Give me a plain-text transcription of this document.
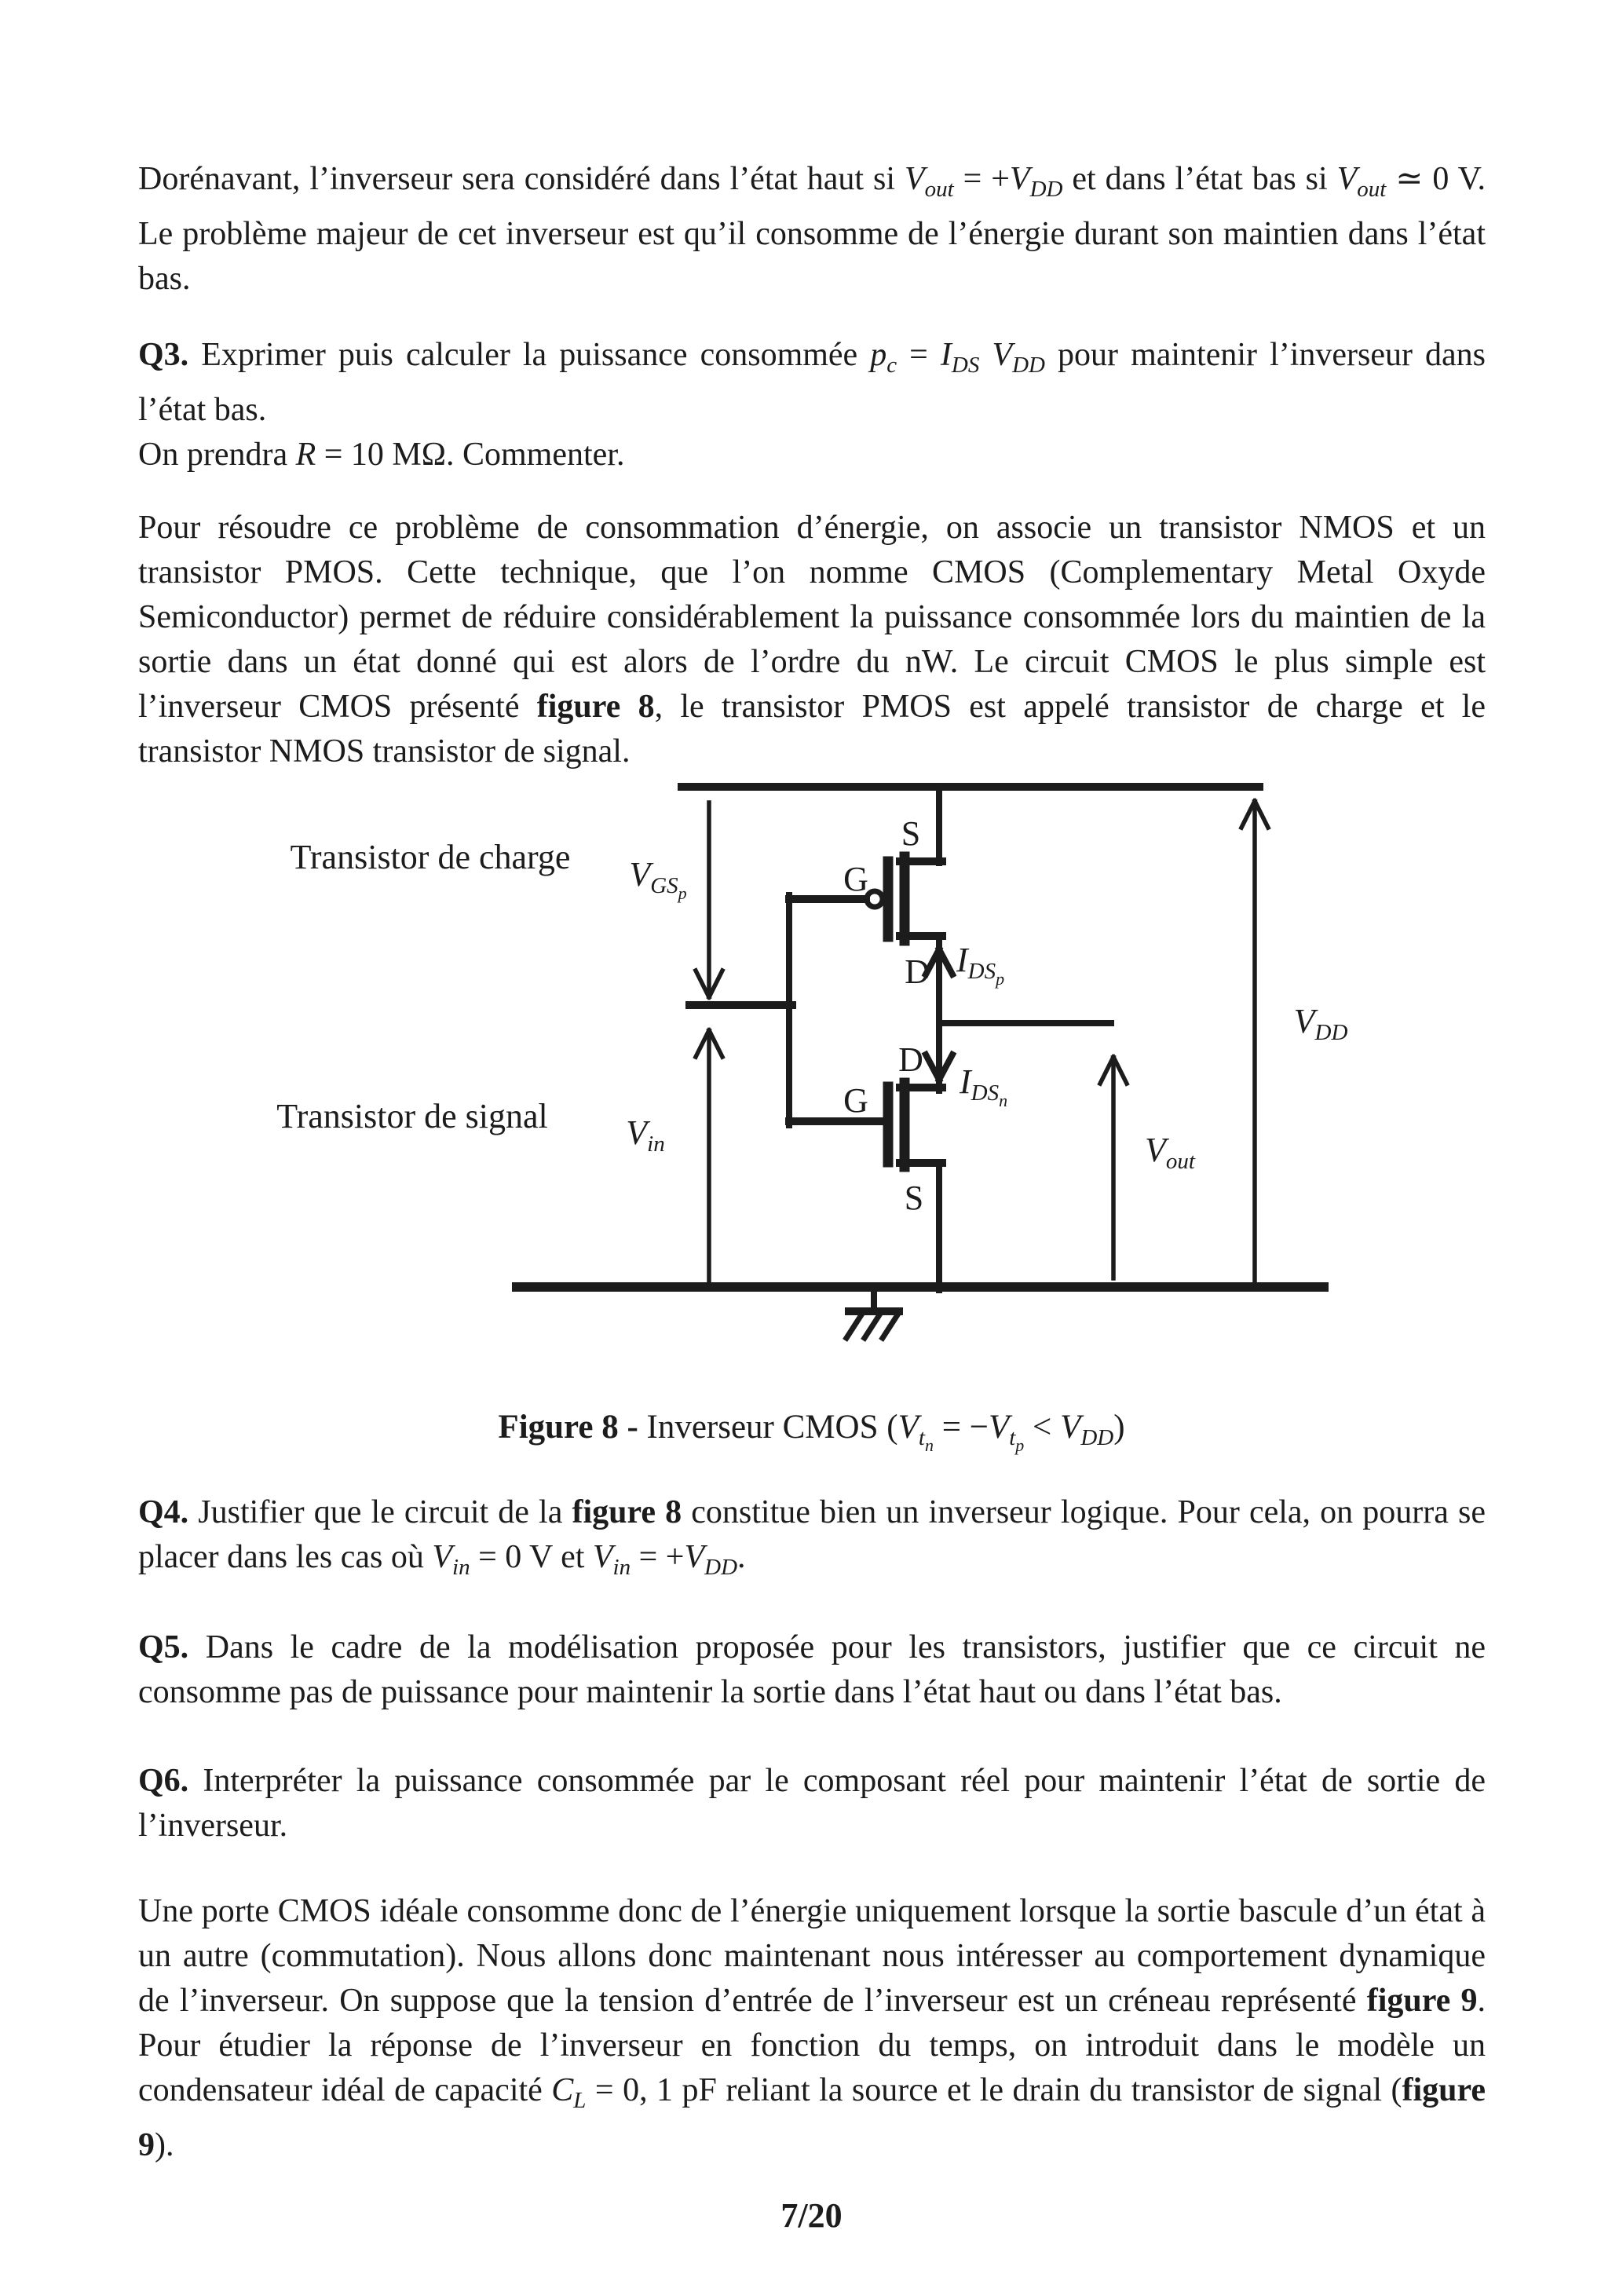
Dorénavant, l’inverseur sera considéré dans l’état haut si $V_{out} = +V_{DD}$ et dans l’état bas si $V_{out}$ ≃ 0 V. Le problème majeur de cet inverseur est qu’il consomme de l’énergie durant son maintien dans l’état bas.

Q3. Exprimer puis calculer la puissance consommée $p_c = I_{DS}$ $V_{DD}$ pour maintenir l’inverseur dans l’état bas.

On prendra R = 10 MΩ. Commenter.

Pour résoudre ce problème de consommation d’énergie, on associe un transistor NMOS et un transistor PMOS. Cette technique, que l’on nomme CMOS (Complementary Metal Oxyde Semiconductor) permet de réduire considérablement la puissance consommée lors du maintien de la sortie dans un état donné qui est alors de l’ordre du nW. Le circuit CMOS le plus simple est l’inverseur CMOS présenté figure 8, le transistor PMOS est appelé transistor de charge et le transistor NMOS transistor de signal.
Transistor de charge
Transistor de signal
S
G
D $I_{DSp}$
D
$I_{DSn}$
G
S
$V_{GSp}$
$V_{in}$	$V_{out}$
$V_{DD}$
Figure 8 - Inverseur CMOS $(V_{tn} = -V_{tp} < V_{DD})$
Q4. Justifier que le circuit de la figure 8 constitue bien un inverseur logique. Pour cela, on pourra se placer dans les cas où $V_{in} = 0$ V et $V_{in} = +V_{DD}$.
Q5. Dans le cadre de la modélisation proposée pour les transistors, justifier que ce circuit ne consomme pas de puissance pour maintenir la sortie dans l’état haut ou dans l’état bas.
Q6. Interpréter la puissance consommée par le composant réel pour maintenir l’état de sortie de l’inverseur.
Une porte CMOS idéale consomme donc de l’énergie uniquement lorsque la sortie bascule d’un état à un autre (commutation). Nous allons donc maintenant nous intéresser au comportement dynamique de l’inverseur. On suppose que la tension d’entrée de l’inverseur est un créneau représenté figure 9. Pour étudier la réponse de l’inverseur en fonction du temps, on introduit dans le modèle un condensateur idéal de capacité $C_L = 0$, 1 pF reliant la source et le drain du transistor de signal (figure 9).
7/20
